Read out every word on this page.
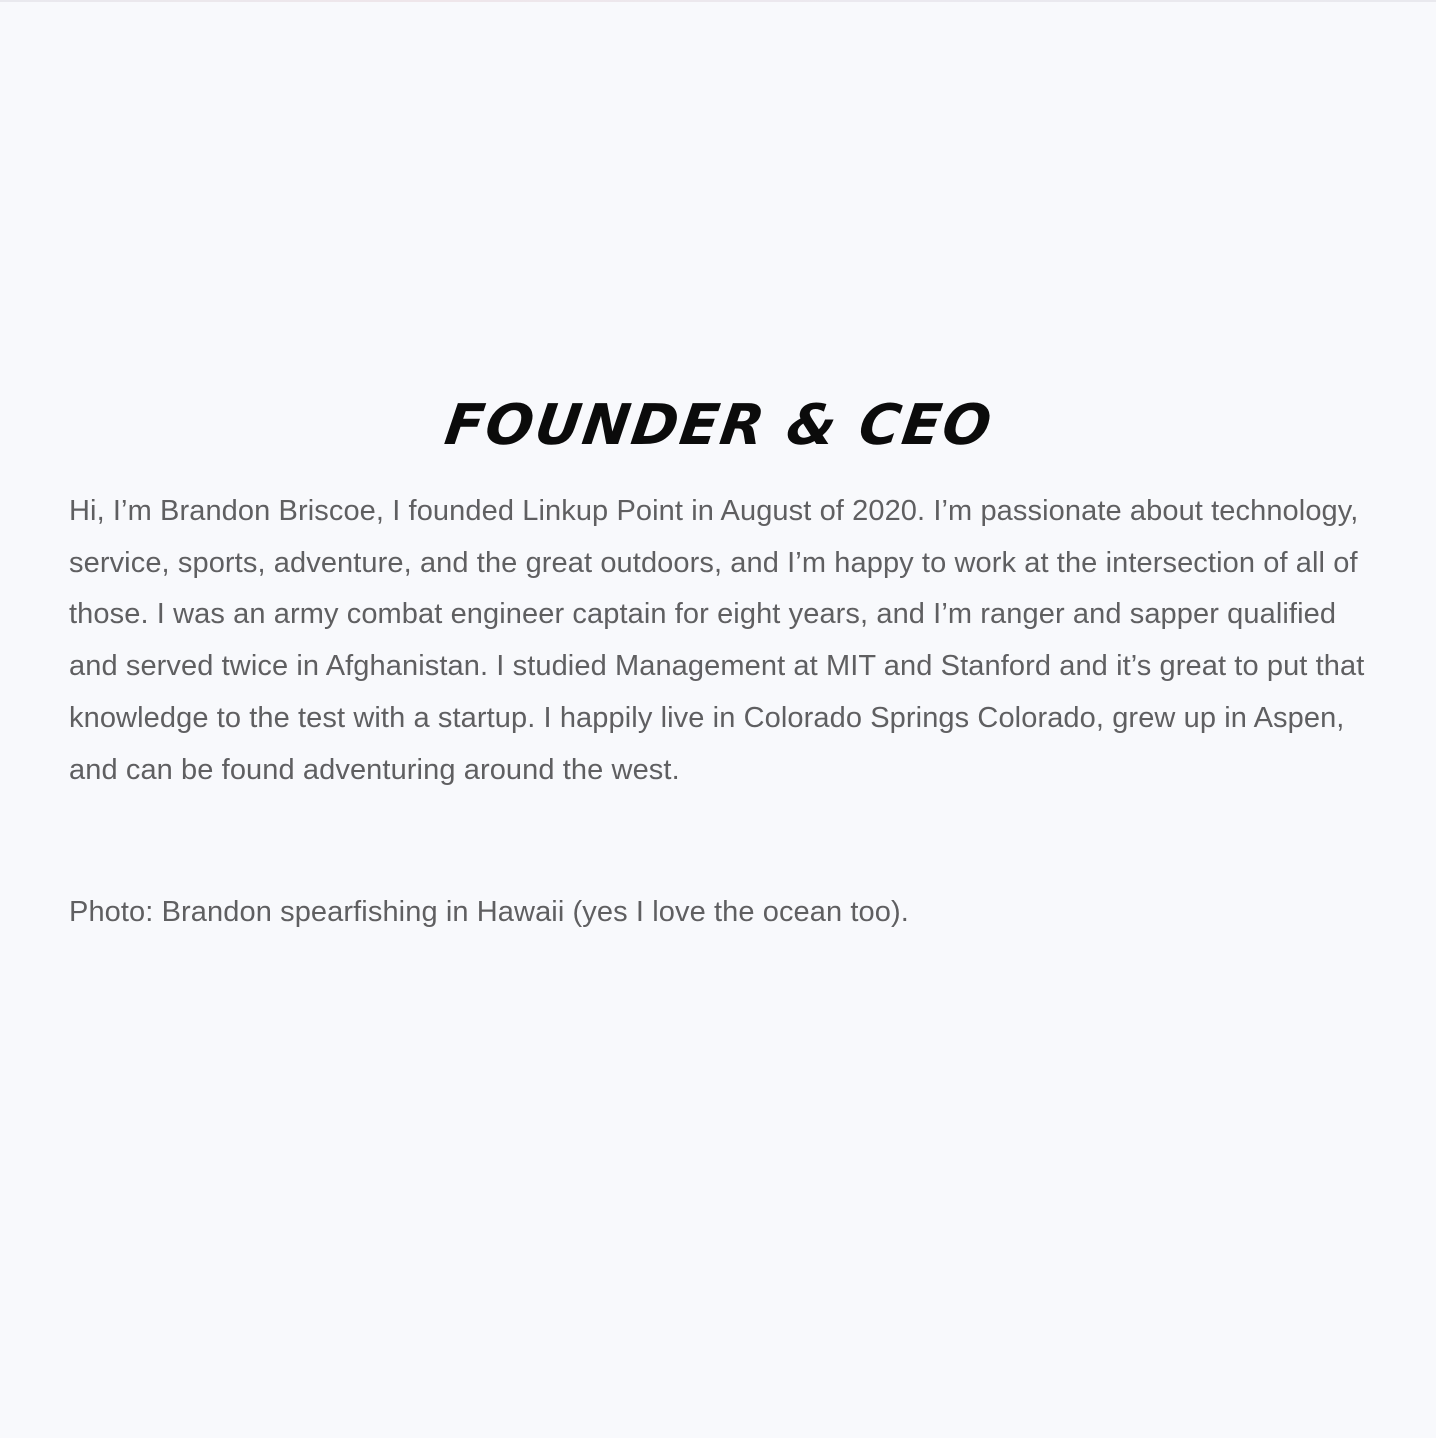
FOUNDER & CEO

Hi, I’m Brandon Briscoe, I founded Linkup Point in August of 2020. I’m passionate about technology, service, sports, adventure, and the great outdoors, and I’m happy to work at the intersection of all of those. I was an army combat engineer captain for eight years, and I’m ranger and sapper qualified and served twice in Afghanistan. I studied Management at MIT and Stanford and it’s great to put that knowledge to the test with a startup. I happily live in Colorado Springs Colorado, grew up in Aspen, and can be found adventuring around the west.

Photo: Brandon spearfishing in Hawaii (yes I love the ocean too).
